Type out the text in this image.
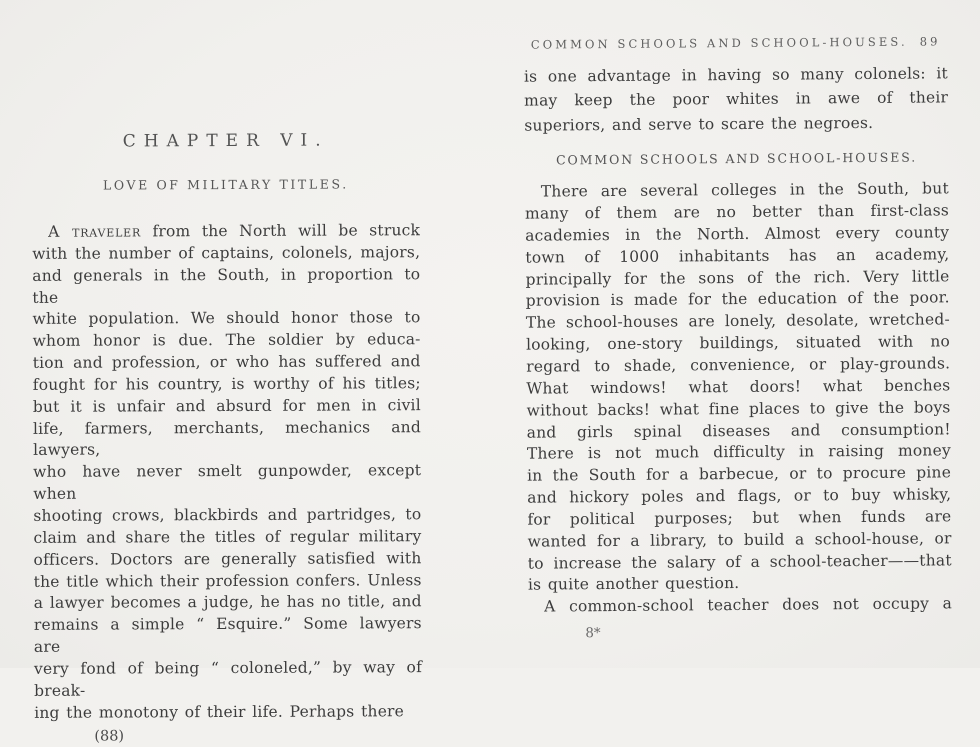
CHAPTER VI.
LOVE OF MILITARY TITLES.
A traveler from the North will be struck
with the number of captains, colonels, majors,
and generals in the South, in proportion to the
white population. We should honor those to
whom honor is due. The soldier by educa-
tion and profession, or who has suffered and
fought for his country, is worthy of his titles;
but it is unfair and absurd for men in civil
life, farmers, merchants, mechanics and lawyers,
who have never smelt gunpowder, except when
shooting crows, blackbirds and partridges, to
claim and share the titles of regular military
officers. Doctors are generally satisfied with
the title which their profession confers. Unless
a lawyer becomes a judge, he has no title, and
remains a simple “ Esquire.” Some lawyers are
very fond of being “ coloneled,” by way of break-
ing the monotony of their life. Perhaps there
(88)
COMMON SCHOOLS AND SCHOOL-HOUSES. 89
is one advantage in having so many colonels: it
may keep the poor whites in awe of their
superiors, and serve to scare the negroes.
COMMON SCHOOLS AND SCHOOL-HOUSES.
There are several colleges in the South, but
many of them are no better than first-class
academies in the North. Almost every county
town of 1000 inhabitants has an academy,
principally for the sons of the rich. Very little
provision is made for the education of the poor.
The school-houses are lonely, desolate, wretched-
looking, one-story buildings, situated with no
regard to shade, convenience, or play-grounds.
What windows! what doors! what benches
without backs! what fine places to give the boys
and girls spinal diseases and consumption!
There is not much difficulty in raising money
in the South for a barbecue, or to procure pine
and hickory poles and flags, or to buy whisky,
for political purposes; but when funds are
wanted for a library, to build a school-house, or
to increase the salary of a school-teacher——that
is quite another question.
A common-school teacher does not occupy a
8*
